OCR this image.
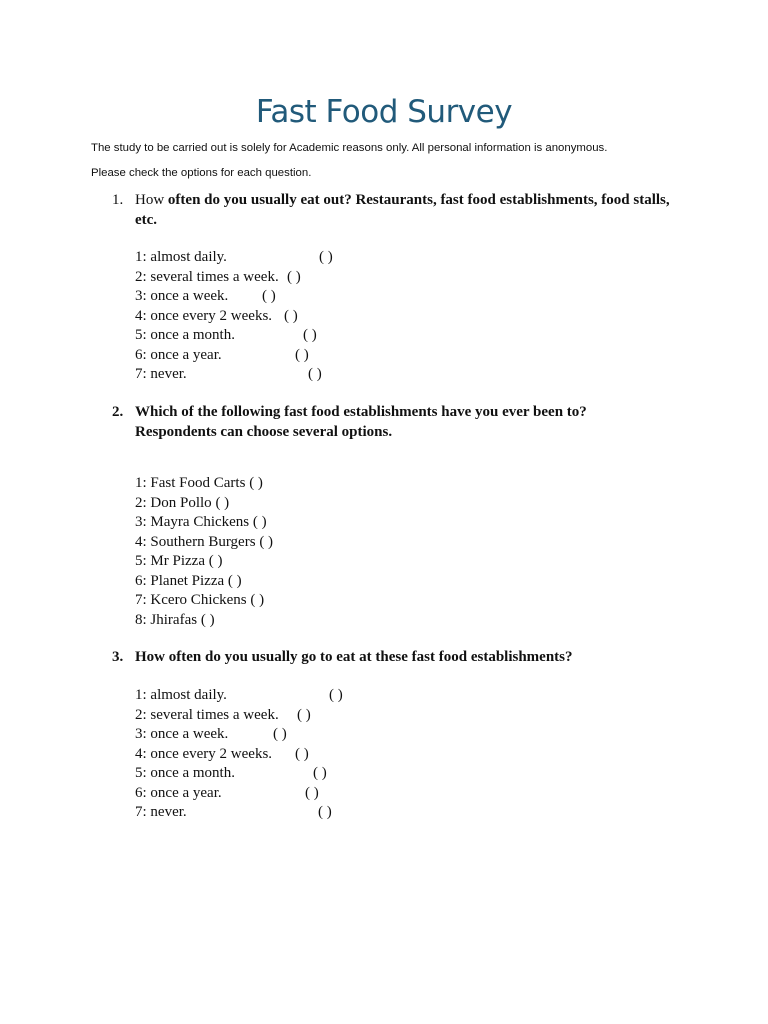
Fast Food Survey
The study to be carried out is solely for Academic reasons only. All personal information is anonymous.
Please check the options for each question.
1. How often do you usually eat out? Restaurants, fast food establishments, food stalls, etc.
1: almost daily.	( )
2: several times a week. ( )
3: once a week. ( )
4: once every 2 weeks. ( )
5: once a month.	( )
6: once a year.	( )
7: never.	( )
2. Which of the following fast food establishments have you ever been to? Respondents can choose several options.
1: Fast Food Carts ( )
2: Don Pollo ( )
3: Mayra Chickens ( )
4: Southern Burgers ( )
5: Mr Pizza ( )
6: Planet Pizza ( )
7: Kcero Chickens ( )
8: Jhirafas ( )
3. How often do you usually go to eat at these fast food establishments?
1: almost daily.	( )
2: several times a week. ( )
3: once a week.	( )
4: once every 2 weeks. ( )
5: once a month.	( )
6: once a year.	( )
7: never.	( )
